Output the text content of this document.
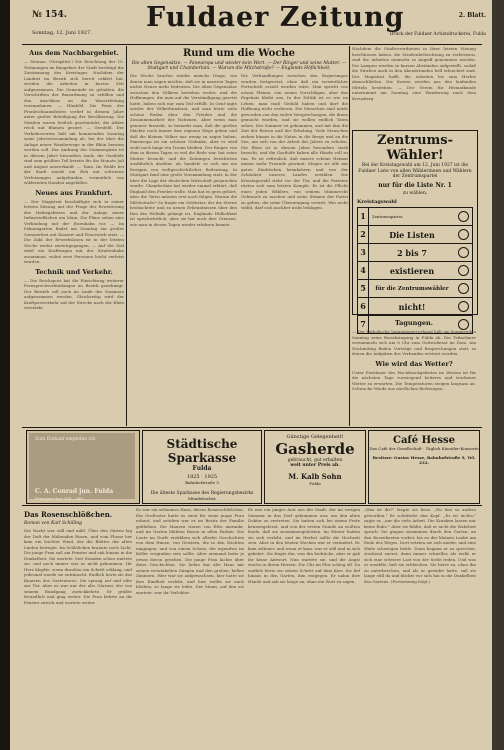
№ 154.
Sonntag, 12. Juni 1927. Fuldaer Zeitung	2. Blatt.
Druck der Fuldaer Actiendruckerei, Fulda
Aus dem Nachbargebiet.
— Steinau. (Verspätet.) Die Errichtung der 10. Wohnungen im Baugebiet der Stadt bestätigt die Zustimmung des Kreistages. Nachdem der Landrat im Bezirk sich bereit erklärt hat, werden die Arbeiten in kurzer Zeit aufgenommen. Die Gemeinde ist gehalten, die Vorschriften der Bauordnung zu erfüllen und den Anschluss an die Wasserleitung vorzunehmen. — Hünfeld. Die Feier des Fronleichnamsfestes verlief in diesem Jahre unter großer Beteiligung der Bevölkerung. Die Straßen waren festlich geschmückt, die Altäre reich mit Blumen geziert. — Gersfeld. Der Verkehrsverein hält am kommenden Sonntag seine Jahresversammlung ab, bei der über die Anlage neuer Wanderwege in der Rhön beraten werden soll. Der Andrang der Sommergäste ist in diesem Jahre besonders stark, die Gasthöfe sind zum größten Teil bereits für die Monate Juli und August ausverkauft. — Tann. Im Walde bei der Stadt wurde ein Reh mit schweren Verletzungen aufgefunden, vermutlich von wildernden Hunden angefallen.
Neues aus Frankfurt.
— Der Magistrat beschäftigte sich in seiner letzten Sitzung mit der Frage der Erweiterung des Hafengebietes und der Anlage neuer Industrieflächen am Main. Die Pläne sehen eine Verbindung mit der Eisenbahn vor. — Im Palmengarten findet am Sonntag ein großes Sommerfest mit Konzert und Feuerwerk statt. — Die Zahl der Erwerbslosen ist in der letzten Woche weiter zurückgegangen. — Auf der Zeil stieß ein Kraftwagen mit der Straßenbahn zusammen, wobei zwei Personen leicht verletzt wurden.
Technik und Verkehr.
— Die Reichspost hat die Einrichtung weiterer Fernsprechverbindungen im Bezirk genehmigt. Der Betrieb soll noch im Laufe des Sommers aufgenommen werden. Gleichzeitig wird der Kraftpostverkehr auf der Strecke nach der Rhön verstärkt.
Rund um die Woche
Die alten Gegensätze. — Paneuropa und wieder kein Wort. — Der Ringer und seine Mutter. — Stuttgart und Chamberlain. — Warum die Milchstraße? — Englands Höflichkeit.
Die Woche brachte wieder manche Dinge, von denen man sagen möchte, daß sie in unseren Tagen nichts Neues mehr bedeuten. Die alten Gegensätze zwischen den Völkern bestehen weiter, und die Hoffnungen, die man auf die Verständigung gesetzt hatte, haben sich nur zum Teil erfüllt. In Genf tagte wieder der Völkerbundsrat, und man hörte viele schöne Reden über den Frieden und die Zusammenarbeit der Nationen. Aber wenn man genauer hinsieht, so bemerkt man, daß die großen Mächte noch immer ihre eigenen Wege gehen und daß die kleinen Völker nur wenig zu sagen haben. Paneuropa ist ein schöner Gedanke, aber er wird wohl noch lange ein Traum bleiben. Der Ringer, von dem in diesen Tagen so viel die Rede war, hat seine Mutter besucht, und die Zeitungen berichteten ausführlich darüber, als handele es sich um ein Ereignis von weltgeschichtlicher Bedeutung. In Stuttgart fand eine große Versammlung statt, in der über die Lage der deutschen Wirtschaft gesprochen wurde. Chamberlain hat wieder einmal erklärt, daß England den Frieden wolle. Man hat es gern gehört, aber die Taten müssen erst noch folgen. Warum die Milchstraße? So fragte ein Gelehrter, der die Sterne beobachtete und zu neuen Erkenntnissen über den Bau des Weltalls gelangt ist. Englands Höflichkeit ist sprichwörtlich, aber sie hat auch ihre Grenzen, wie man in diesen Tagen wieder erfahren konnte.
Die Verhandlungen zwischen den Regierungen wurden fortgesetzt, ohne daß ein wesentlicher Fortschritt erzielt worden wäre. Man spricht von neuen Plänen, von neuen Vorschlägen, aber das Ergebnis bleibt aus. In der Politik ist es wie im Leben: man muß Geduld haben und darf die Hoffnung nicht verlieren. Die Menschen sind müde geworden von den vielen Versprechungen, die ihnen gemacht wurden, und sie wollen endlich Taten sehen. Der Sommer ist gekommen, und mit ihm die Zeit der Reisen und der Erholung. Viele Menschen ziehen hinaus in die Natur, in die Berge und an die See, um sich von der Arbeit des Jahres zu erholen. Die Rhön ist in diesem Jahre besonders stark besucht, und die Gasthöfe haben alle Hände voll zu tun. Es ist erfreulich, daß unsere schöne Heimat immer mehr Freunde gewinnt. Mögen sie alle mit guten Eindrücken heimkehren und von der Schönheit unseres Landes erzählen. Die Kreistagswahl steht vor der Tür, und die Parteien rüsten sich zum letzten Kampfe. Es ist die Pflicht eines jeden Wählers, von seinem Stimmrecht Gebrauch zu machen und seine Stimme der Partei zu geben, die seine Überzeugung vertritt. Wer nicht wählt, darf sich nachher nicht beklagen.
Nachdem die Stadtverordneten in ihrer letzten Sitzung beschlossen haben, die Straßenbeleuchtung zu verbessern, sind die Arbeiten nunmehr in Angriff genommen worden. Die Lampen werden in kurzen Abständen aufgestellt, sodaß die Straßen auch in den Abendstunden hell erleuchtet sind. Der Magistrat hofft, die Arbeiten bis zum Herbst abzuschließen. Die Kosten werden aus den laufenden Mitteln bestritten. — Der Verein für Heimatkunde unternimmt am Sonntag eine Wanderung nach dem Kreuzberg.
Zentrums-Wähler!
Bei der Kreistagswahl am 12. Juni 1927 ist die Fuldaer Liste von allen Wählerinnen und Wählern der Zentrumspartei
nur für die Liste Nr. 1
zu wählen.
Kreistagswahl
1	Zentrumspartei.
2	Die Listen
3	2 bis 7
4	existieren
5	für die Zentrumswähler
6	nicht!
7	Tagungen.
— Der katholische Jungmännerverband hält am kommenden Sonntag seine Bezirkstagung in Fulda ab. Die Teilnehmer versammeln sich um 8 Uhr zum Gottesdienst im Dom. Am Nachmittag finden Vorträge und Besprechungen statt, in denen die Aufgaben des Verbandes erörtert werden.
Wie wird das Wetter?
Unter Fortdauer des Hochdruckgebietes im Westen ist für die nächsten Tage vorwiegend heiteres und trockenes Wetter zu erwarten. Die Temperaturen steigen langsam an. Schwache Winde aus nördlichen Richtungen.
Zum Einkauf empfehle ich
C. A. Conrad jun. Fulda
Fernsprecher 284—286
Städtische Sparkasse
Fulda
1825 · 1925
Bahnhofstraße 5
Die älteste Sparkasse des Regierungsbezirks
Mündelsicher
Günstige Gelegenheit!
Gasherde
gebraucht, gut erhalten
weit unter Preis ab.
M. Kalb Sohn
Fulda
Café Hesse
Das Café der Gesellschaft · Täglich Künstler-Konzerte
Besitzer: Gustav Hesse, Bahnhofstraße 9, Tel. 232.
Das Rosenschlößchen.
Roman von Karl Schilling
Die Nacht war still und mild. Über den Gärten lag der Duft der blühenden Rosen, und vom Flusse her kam ein leichter Wind, der die Blätter der alten Linden bewegte. Im Schlößchen brannte noch Licht. Die junge Frau saß am Fenster und sah hinaus in die Dunkelheit. Sie wartete. Seit Stunden schon wartete sie, und noch immer war er nicht gekommen. Ihr Herz klopfte, wenn draußen ein Schritt erklang, und jedesmal wurde sie enttäuscht. Endlich hörte sie das Knarren des Gartentores. Sie sprang auf und eilte zur Tür. Aber es war nur der alte Gärtner, der von seinem Rundgang zurückkehrte. Er grüßte freundlich und ging weiter. Die Frau kehrte an ihr Fenster zurück und wartete weiter.
Es war ein seltsames Haus, dieses Rosenschlößchen. Ein Großvater hatte es einst für seine junge Frau erbaut, und seitdem war es im Besitz der Familie geblieben. Die Mauern waren von Efeu umrankt, und im Garten blühten Rosen in allen Farben. Die Leute im Dorfe erzählten sich allerlei Geschichten von dem Hause, von Geistern, die in den Nächten umgingen, und von einem Schatz, der irgendwo im Keller vergraben sein sollte. Aber niemand hatte je etwas davon gesehen. Die junge Frau lachte über diese Geschichten. Sie liebte das alte Haus mit seinen verwinkelten Gängen und den großen, hellen Zimmern. Hier war sie aufgewachsen, hier hatte sie ihre Kindheit verlebt, und hier wollte sie auch bleiben, so lange sie lebte. Der Mann, auf den sie wartete, war ihr Verlobter.
Er war ein junger Arzt aus der Stadt, der im vorigen Sommer in das Dorf gekommen war, um den alten Doktor zu vertreten. Sie hatten sich bei einem Feste kennengelernt, und von der ersten Stunde an wußten beide, daß sie zusammengehörten. Im Winter hatten sie sich verlobt, und im Herbst sollte die Hochzeit sein. Aber in den letzten Wochen war er verändert. Er kam seltener, und wenn er kam, war er still und in sich gekehrt. Sie fragte ihn, was ihn bedrücke, aber er gab ihr keine Antwort. Nun wartete sie, und die Angst wuchs in ihrem Herzen. Die Uhr im Flur schlug elf. Da endlich hörte sie seinen Schritt auf dem Kies. Sie lief hinaus in den Garten, ihm entgegen. Er nahm ihre Hände und sah sie lange an, ohne ein Wort zu sagen.
„Was ist dir?" fragte sie leise. „Du bist so anders geworden." Er schüttelte den Kopf. „Es ist nichts," sagte er, „nur die viele Arbeit. Die Kranken lassen mir keine Ruhe." Aber sie fühlte, daß er nicht die Wahrheit sprach. Sie gingen zusammen durch den Garten, an den Rosenbeeten vorbei, bis zu der kleinen Laube am Ende des Weges. Dort setzten sie sich nieder, und eine Weile schwiegen beide. Dann begann er zu sprechen, stockend zuerst, dann immer schneller, als wolle er sich eine schwere Last von der Seele reden. Und was er erzählte, ließ sie erbleichen. Sie hörte zu, ohne ihn zu unterbrechen, und als er geendet hatte, saß sie lange still da und blickte vor sich hin in die Dunkelheit des Gartens. (Fortsetzung folgt.)
